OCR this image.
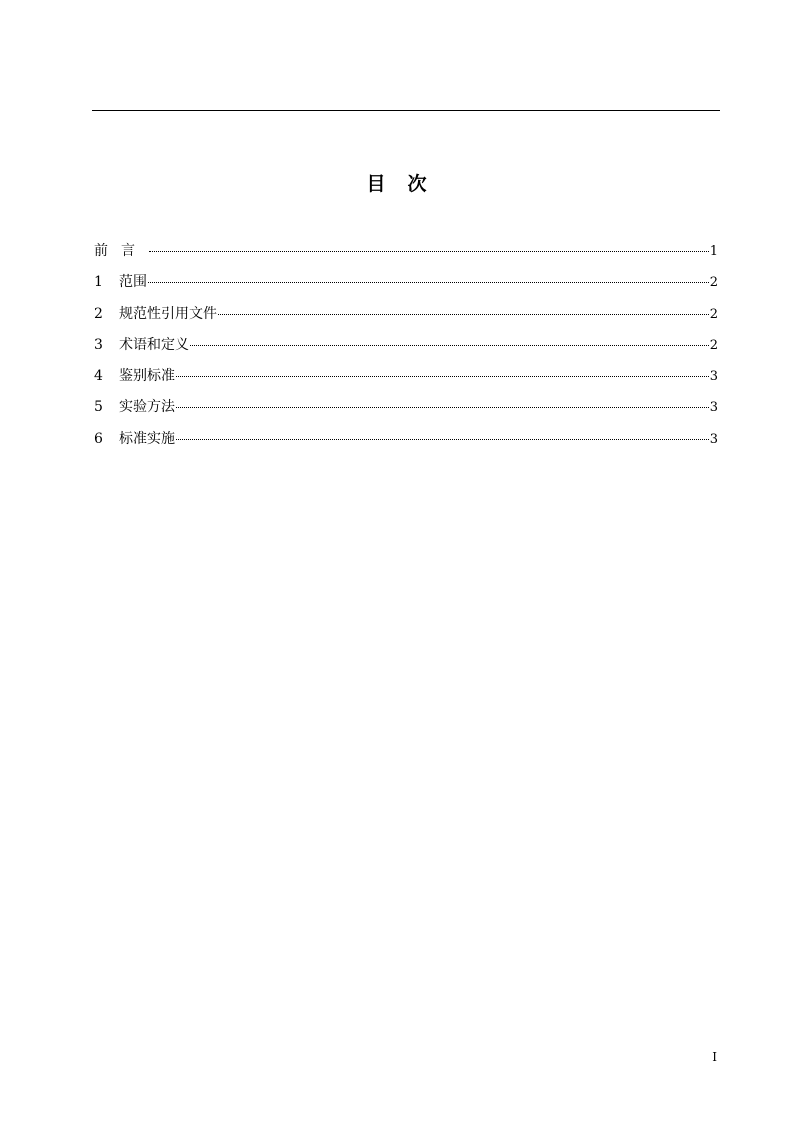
目 次
前言	1
1	范围	2
2	规范性引用文件	2
3	术语和定义	2
4	鉴别标准	3
5	实验方法	3
6	标准实施	3
I
